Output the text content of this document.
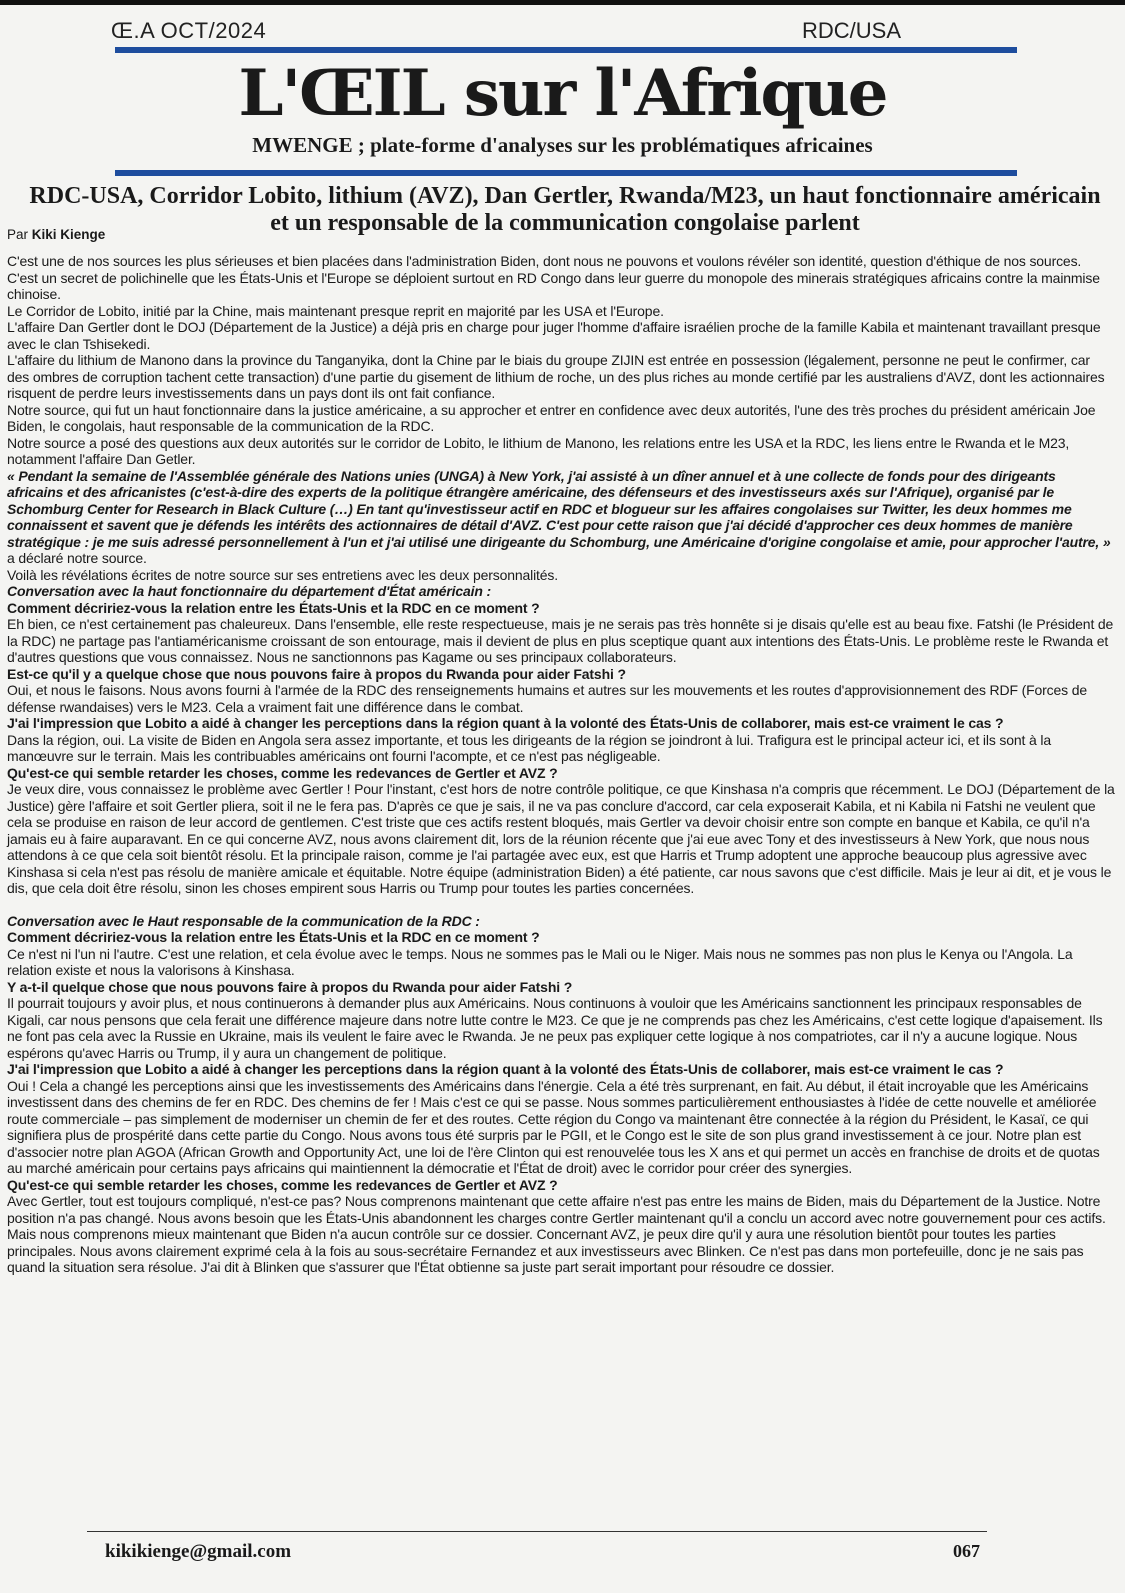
Œ.A OCT/2024	RDC/USA
L'ŒIL sur l'Afrique
MWENGE ; plate-forme d'analyses sur les problématiques africaines
RDC-USA, Corridor Lobito, lithium (AVZ), Dan Gertler, Rwanda/M23, un haut fonctionnaire américain et un responsable de la communication congolaise parlent
Par Kiki Kienge

C'est une de nos sources les plus sérieuses et bien placées dans l'administration Biden, dont nous ne pouvons et voulons révéler son identité, question d'éthique de nos sources.

C'est un secret de polichinelle que les États-Unis et l'Europe se déploient surtout en RD Congo dans leur guerre du monopole des minerais stratégiques africains contre la mainmise chinoise.

Le Corridor de Lobito, initié par la Chine, mais maintenant presque reprit en majorité par les USA et l'Europe.

L'affaire Dan Gertler dont le DOJ (Département de la Justice) a déjà pris en charge pour juger l'homme d'affaire israélien proche de la famille Kabila et maintenant travaillant presque avec le clan Tshisekedi.

L'affaire du lithium de Manono dans la province du Tanganyika, dont la Chine par le biais du groupe ZIJIN est entrée en possession (légalement, personne ne peut le confirmer, car des ombres de corruption tachent cette transaction) d'une partie du gisement de lithium de roche, un des plus riches au monde certifié par les australiens d'AVZ, dont les actionnaires risquent de perdre leurs investissements dans un pays dont ils ont fait confiance.

Notre source, qui fut un haut fonctionnaire dans la justice américaine, a su approcher et entrer en confidence avec deux autorités, l'une des très proches du président américain Joe Biden, le congolais, haut responsable de la communication de la RDC.

Notre source a posé des questions aux deux autorités sur le corridor de Lobito, le lithium de Manono, les relations entre les USA et la RDC, les liens entre le Rwanda et le M23, notamment l'affaire Dan Getler.

« Pendant la semaine de l'Assemblée générale des Nations unies (UNGA) à New York, j'ai assisté à un dîner annuel et à une collecte de fonds pour des dirigeants africains et des africanistes (c'est-à-dire des experts de la politique étrangère américaine, des défenseurs et des investisseurs axés sur l'Afrique), organisé par le Schomburg Center for Research in Black Culture (…) En tant qu'investisseur actif en RDC et blogueur sur les affaires congolaises sur Twitter, les deux hommes me connaissent et savent que je défends les intérêts des actionnaires de détail d'AVZ. C'est pour cette raison que j'ai décidé d'approcher ces deux hommes de manière stratégique : je me suis adressé personnellement à l'un et j'ai utilisé une dirigeante du Schomburg, une Américaine d'origine congolaise et amie, pour approcher l'autre, » a déclaré notre source.

Voilà les révélations écrites de notre source sur ses entretiens avec les deux personnalités.

Conversation avec la haut fonctionnaire du département d'État américain :

Comment décririez-vous la relation entre les États-Unis et la RDC en ce moment ?

Eh bien, ce n'est certainement pas chaleureux. Dans l'ensemble, elle reste respectueuse, mais je ne serais pas très honnête si je disais qu'elle est au beau fixe. Fatshi (le Président de la RDC) ne partage pas l'antiaméricanisme croissant de son entourage, mais il devient de plus en plus sceptique quant aux intentions des États-Unis. Le problème reste le Rwanda et d'autres questions que vous connaissez. Nous ne sanctionnons pas Kagame ou ses principaux collaborateurs.

Est-ce qu'il y a quelque chose que nous pouvons faire à propos du Rwanda pour aider Fatshi ?

Oui, et nous le faisons. Nous avons fourni à l'armée de la RDC des renseignements humains et autres sur les mouvements et les routes d'approvisionnement des RDF (Forces de défense rwandaises) vers le M23. Cela a vraiment fait une différence dans le combat.

J'ai l'impression que Lobito a aidé à changer les perceptions dans la région quant à la volonté des États-Unis de collaborer, mais est-ce vraiment le cas ?

Dans la région, oui. La visite de Biden en Angola sera assez importante, et tous les dirigeants de la région se joindront à lui. Trafigura est le principal acteur ici, et ils sont à la manœuvre sur le terrain. Mais les contribuables américains ont fourni l'acompte, et ce n'est pas négligeable.

Qu'est-ce qui semble retarder les choses, comme les redevances de Gertler et AVZ ?

Je veux dire, vous connaissez le problème avec Gertler ! Pour l'instant, c'est hors de notre contrôle politique, ce que Kinshasa n'a compris que récemment. Le DOJ (Département de la Justice) gère l'affaire et soit Gertler pliera, soit il ne le fera pas. D'après ce que je sais, il ne va pas conclure d'accord, car cela exposerait Kabila, et ni Kabila ni Fatshi ne veulent que cela se produise en raison de leur accord de gentlemen. C'est triste que ces actifs restent bloqués, mais Gertler va devoir choisir entre son compte en banque et Kabila, ce qu'il n'a jamais eu à faire auparavant. En ce qui concerne AVZ, nous avons clairement dit, lors de la réunion récente que j'ai eue avec Tony et des investisseurs à New York, que nous nous attendons à ce que cela soit bientôt résolu. Et la principale raison, comme je l'ai partagée avec eux, est que Harris et Trump adoptent une approche beaucoup plus agressive avec Kinshasa si cela n'est pas résolu de manière amicale et équitable. Notre équipe (administration Biden) a été patiente, car nous savons que c'est difficile. Mais je leur ai dit, et je vous le dis, que cela doit être résolu, sinon les choses empirent sous Harris ou Trump pour toutes les parties concernées.

Conversation avec le Haut responsable de la communication de la RDC :

Comment décririez-vous la relation entre les États-Unis et la RDC en ce moment ?

Ce n'est ni l'un ni l'autre. C'est une relation, et cela évolue avec le temps. Nous ne sommes pas le Mali ou le Niger. Mais nous ne sommes pas non plus le Kenya ou l'Angola. La relation existe et nous la valorisons à Kinshasa.

Y a-t-il quelque chose que nous pouvons faire à propos du Rwanda pour aider Fatshi ?

Il pourrait toujours y avoir plus, et nous continuerons à demander plus aux Américains. Nous continuons à vouloir que les Américains sanctionnent les principaux responsables de Kigali, car nous pensons que cela ferait une différence majeure dans notre lutte contre le M23. Ce que je ne comprends pas chez les Américains, c'est cette logique d'apaisement. Ils ne font pas cela avec la Russie en Ukraine, mais ils veulent le faire avec le Rwanda. Je ne peux pas expliquer cette logique à nos compatriotes, car il n'y a aucune logique. Nous espérons qu'avec Harris ou Trump, il y aura un changement de politique.

J'ai l'impression que Lobito a aidé à changer les perceptions dans la région quant à la volonté des États-Unis de collaborer, mais est-ce vraiment le cas ?

Oui ! Cela a changé les perceptions ainsi que les investissements des Américains dans l'énergie. Cela a été très surprenant, en fait. Au début, il était incroyable que les Américains investissent dans des chemins de fer en RDC. Des chemins de fer ! Mais c'est ce qui se passe. Nous sommes particulièrement enthousiastes à l'idée de cette nouvelle et améliorée route commerciale – pas simplement de moderniser un chemin de fer et des routes. Cette région du Congo va maintenant être connectée à la région du Président, le Kasaï, ce qui signifiera plus de prospérité dans cette partie du Congo. Nous avons tous été surpris par le PGII, et le Congo est le site de son plus grand investissement à ce jour. Notre plan est d'associer notre plan AGOA (African Growth and Opportunity Act, une loi de l'ère Clinton qui est renouvelée tous les X ans et qui permet un accès en franchise de droits et de quotas au marché américain pour certains pays africains qui maintiennent la démocratie et l'État de droit) avec le corridor pour créer des synergies.

Qu'est-ce qui semble retarder les choses, comme les redevances de Gertler et AVZ ?

Avec Gertler, tout est toujours compliqué, n'est-ce pas? Nous comprenons maintenant que cette affaire n'est pas entre les mains de Biden, mais du Département de la Justice. Notre position n'a pas changé. Nous avons besoin que les États-Unis abandonnent les charges contre Gertler maintenant qu'il a conclu un accord avec notre gouvernement pour ces actifs. Mais nous comprenons mieux maintenant que Biden n'a aucun contrôle sur ce dossier. Concernant AVZ, je peux dire qu'il y aura une résolution bientôt pour toutes les parties principales. Nous avons clairement exprimé cela à la fois au sous-secrétaire Fernandez et aux investisseurs avec Blinken. Ce n'est pas dans mon portefeuille, donc je ne sais pas quand la situation sera résolue. J'ai dit à Blinken que s'assurer que l'État obtienne sa juste part serait important pour résoudre ce dossier.

kikikienge@gmail.com	067
